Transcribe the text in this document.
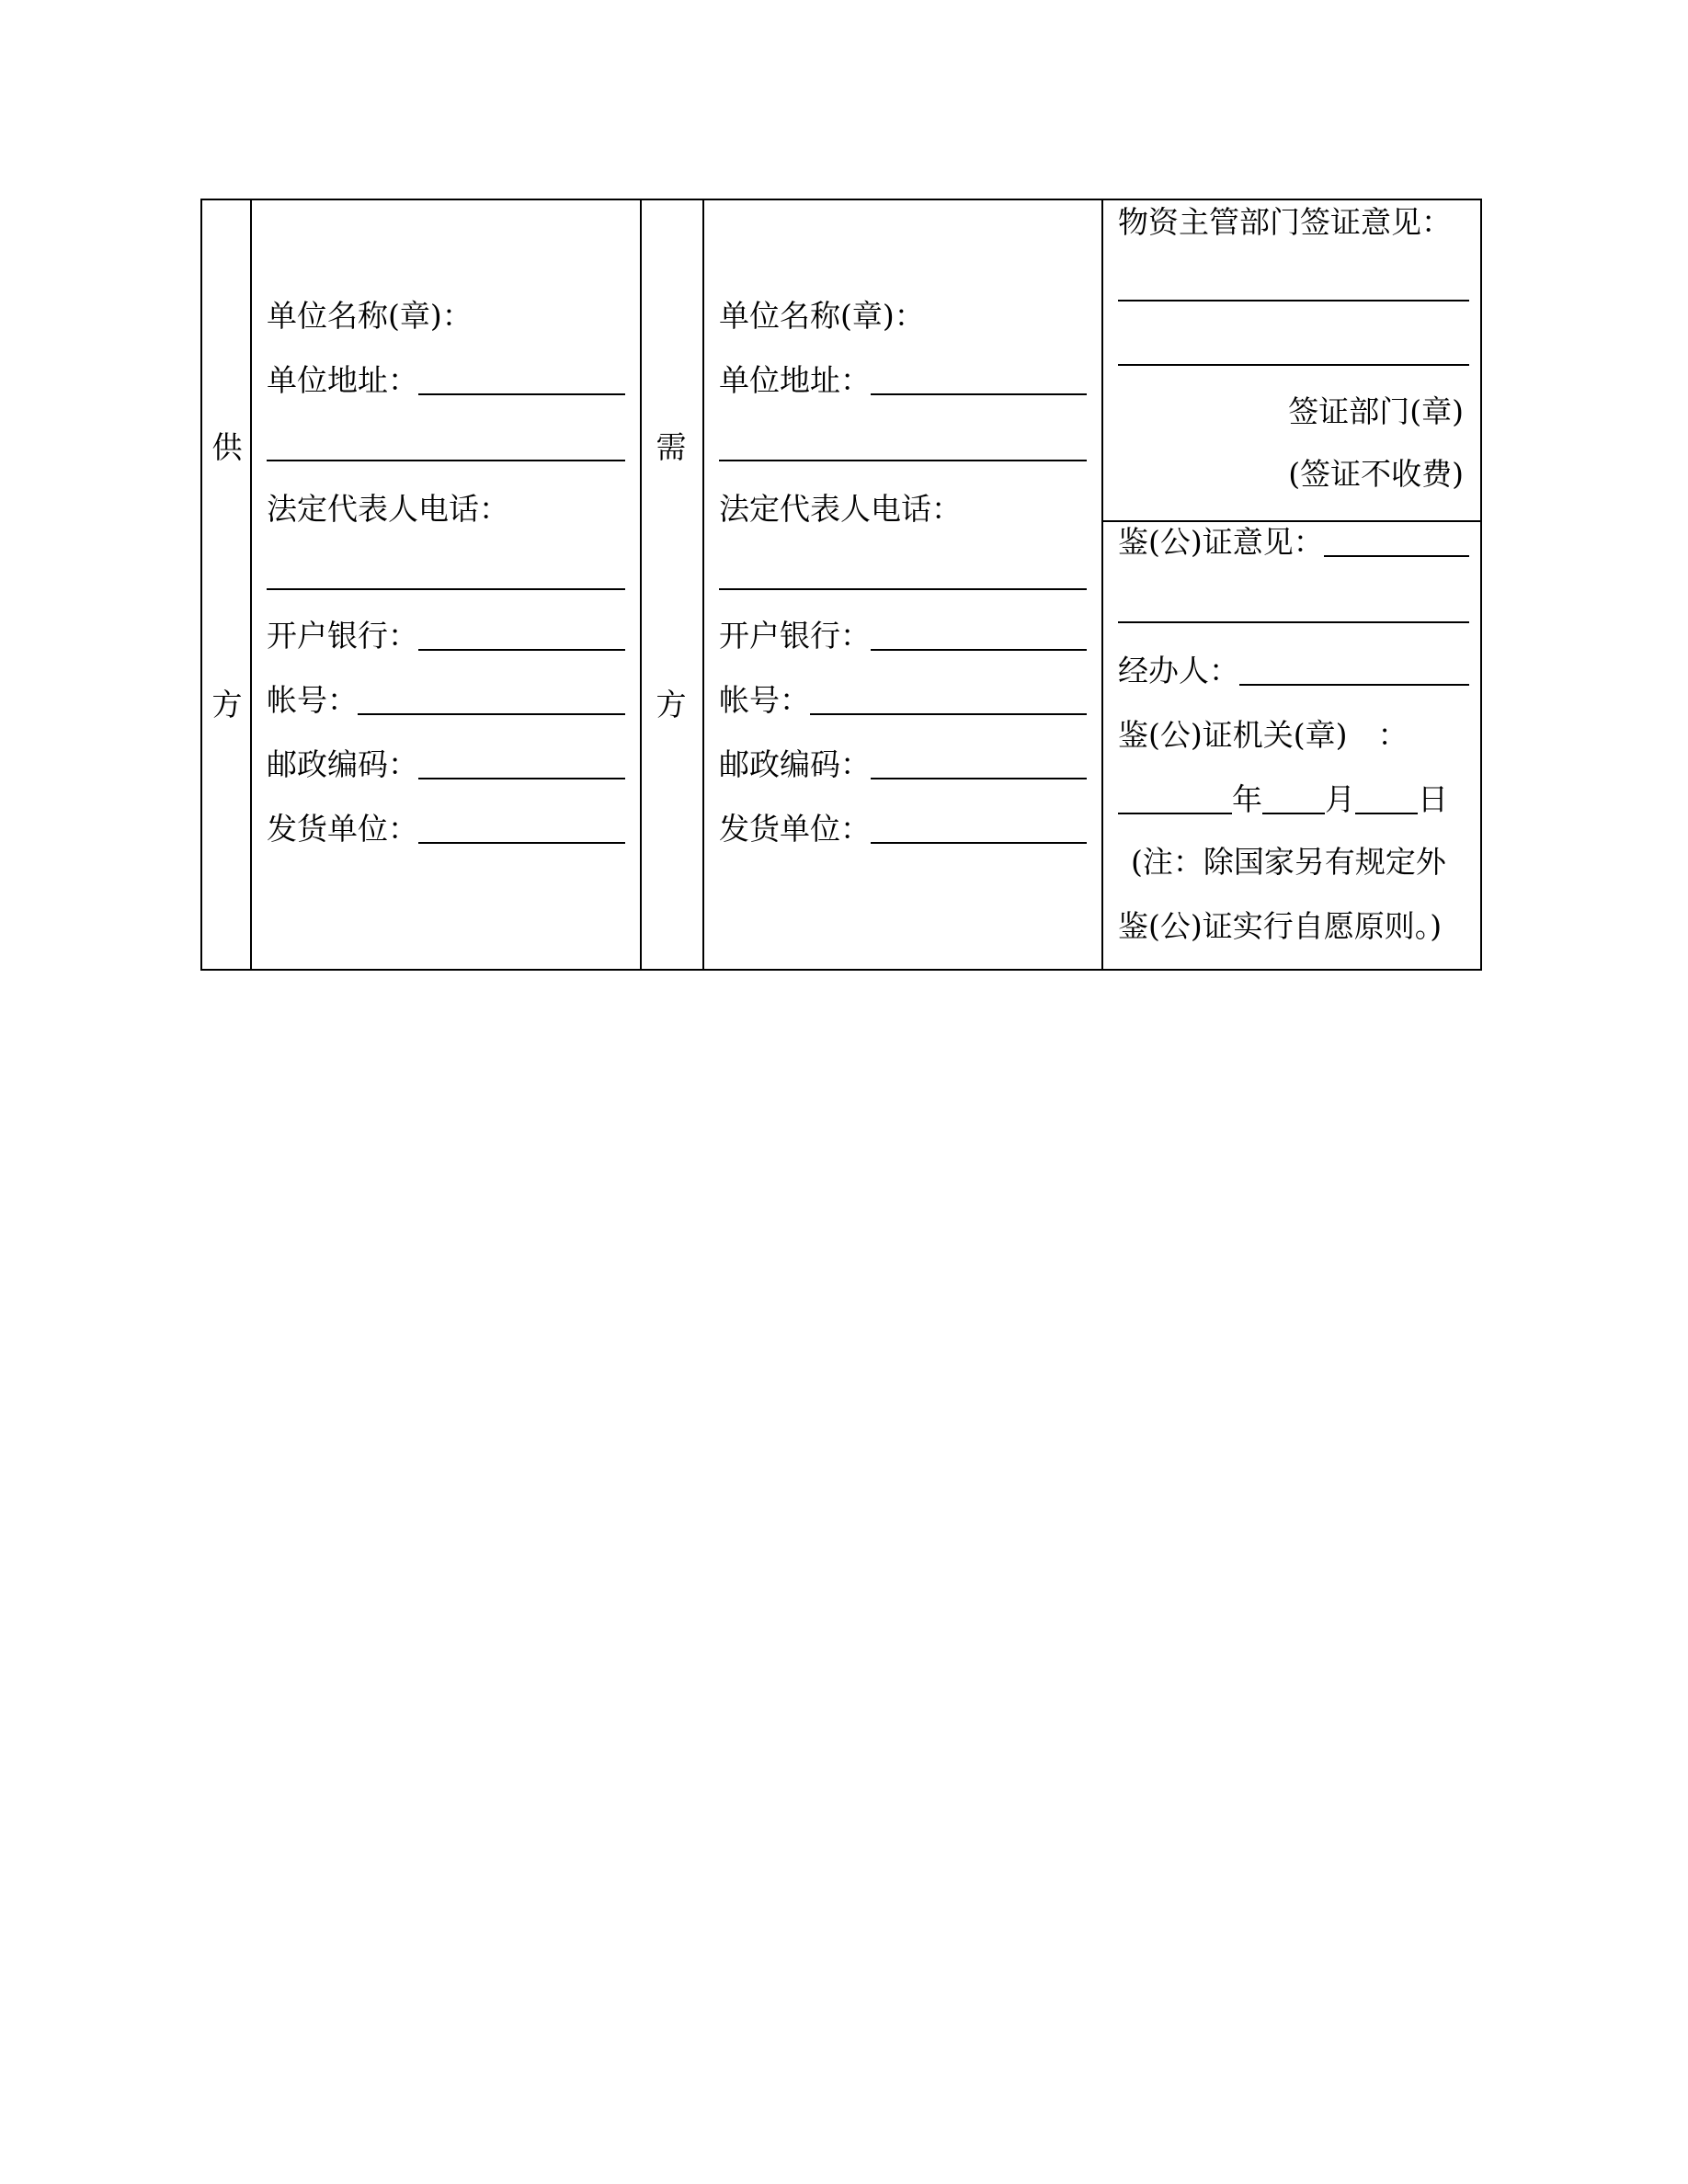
供
方
单位名称(章)：
单位地址：
法定代表人电话：
开户银行：
帐号：
邮政编码：
发货单位：
需
方
单位名称(章)：
单位地址：
法定代表人电话：
开户银行：
帐号：
邮政编码：
发货单位：
物资主管部门签证意见：
签证部门(章)
(签证不收费)
鉴(公)证意见：
经办人：
鉴(公)证机关(章)　：
年 月 日
(注：除国家另有规定外
鉴(公)证实行自愿原则。)
